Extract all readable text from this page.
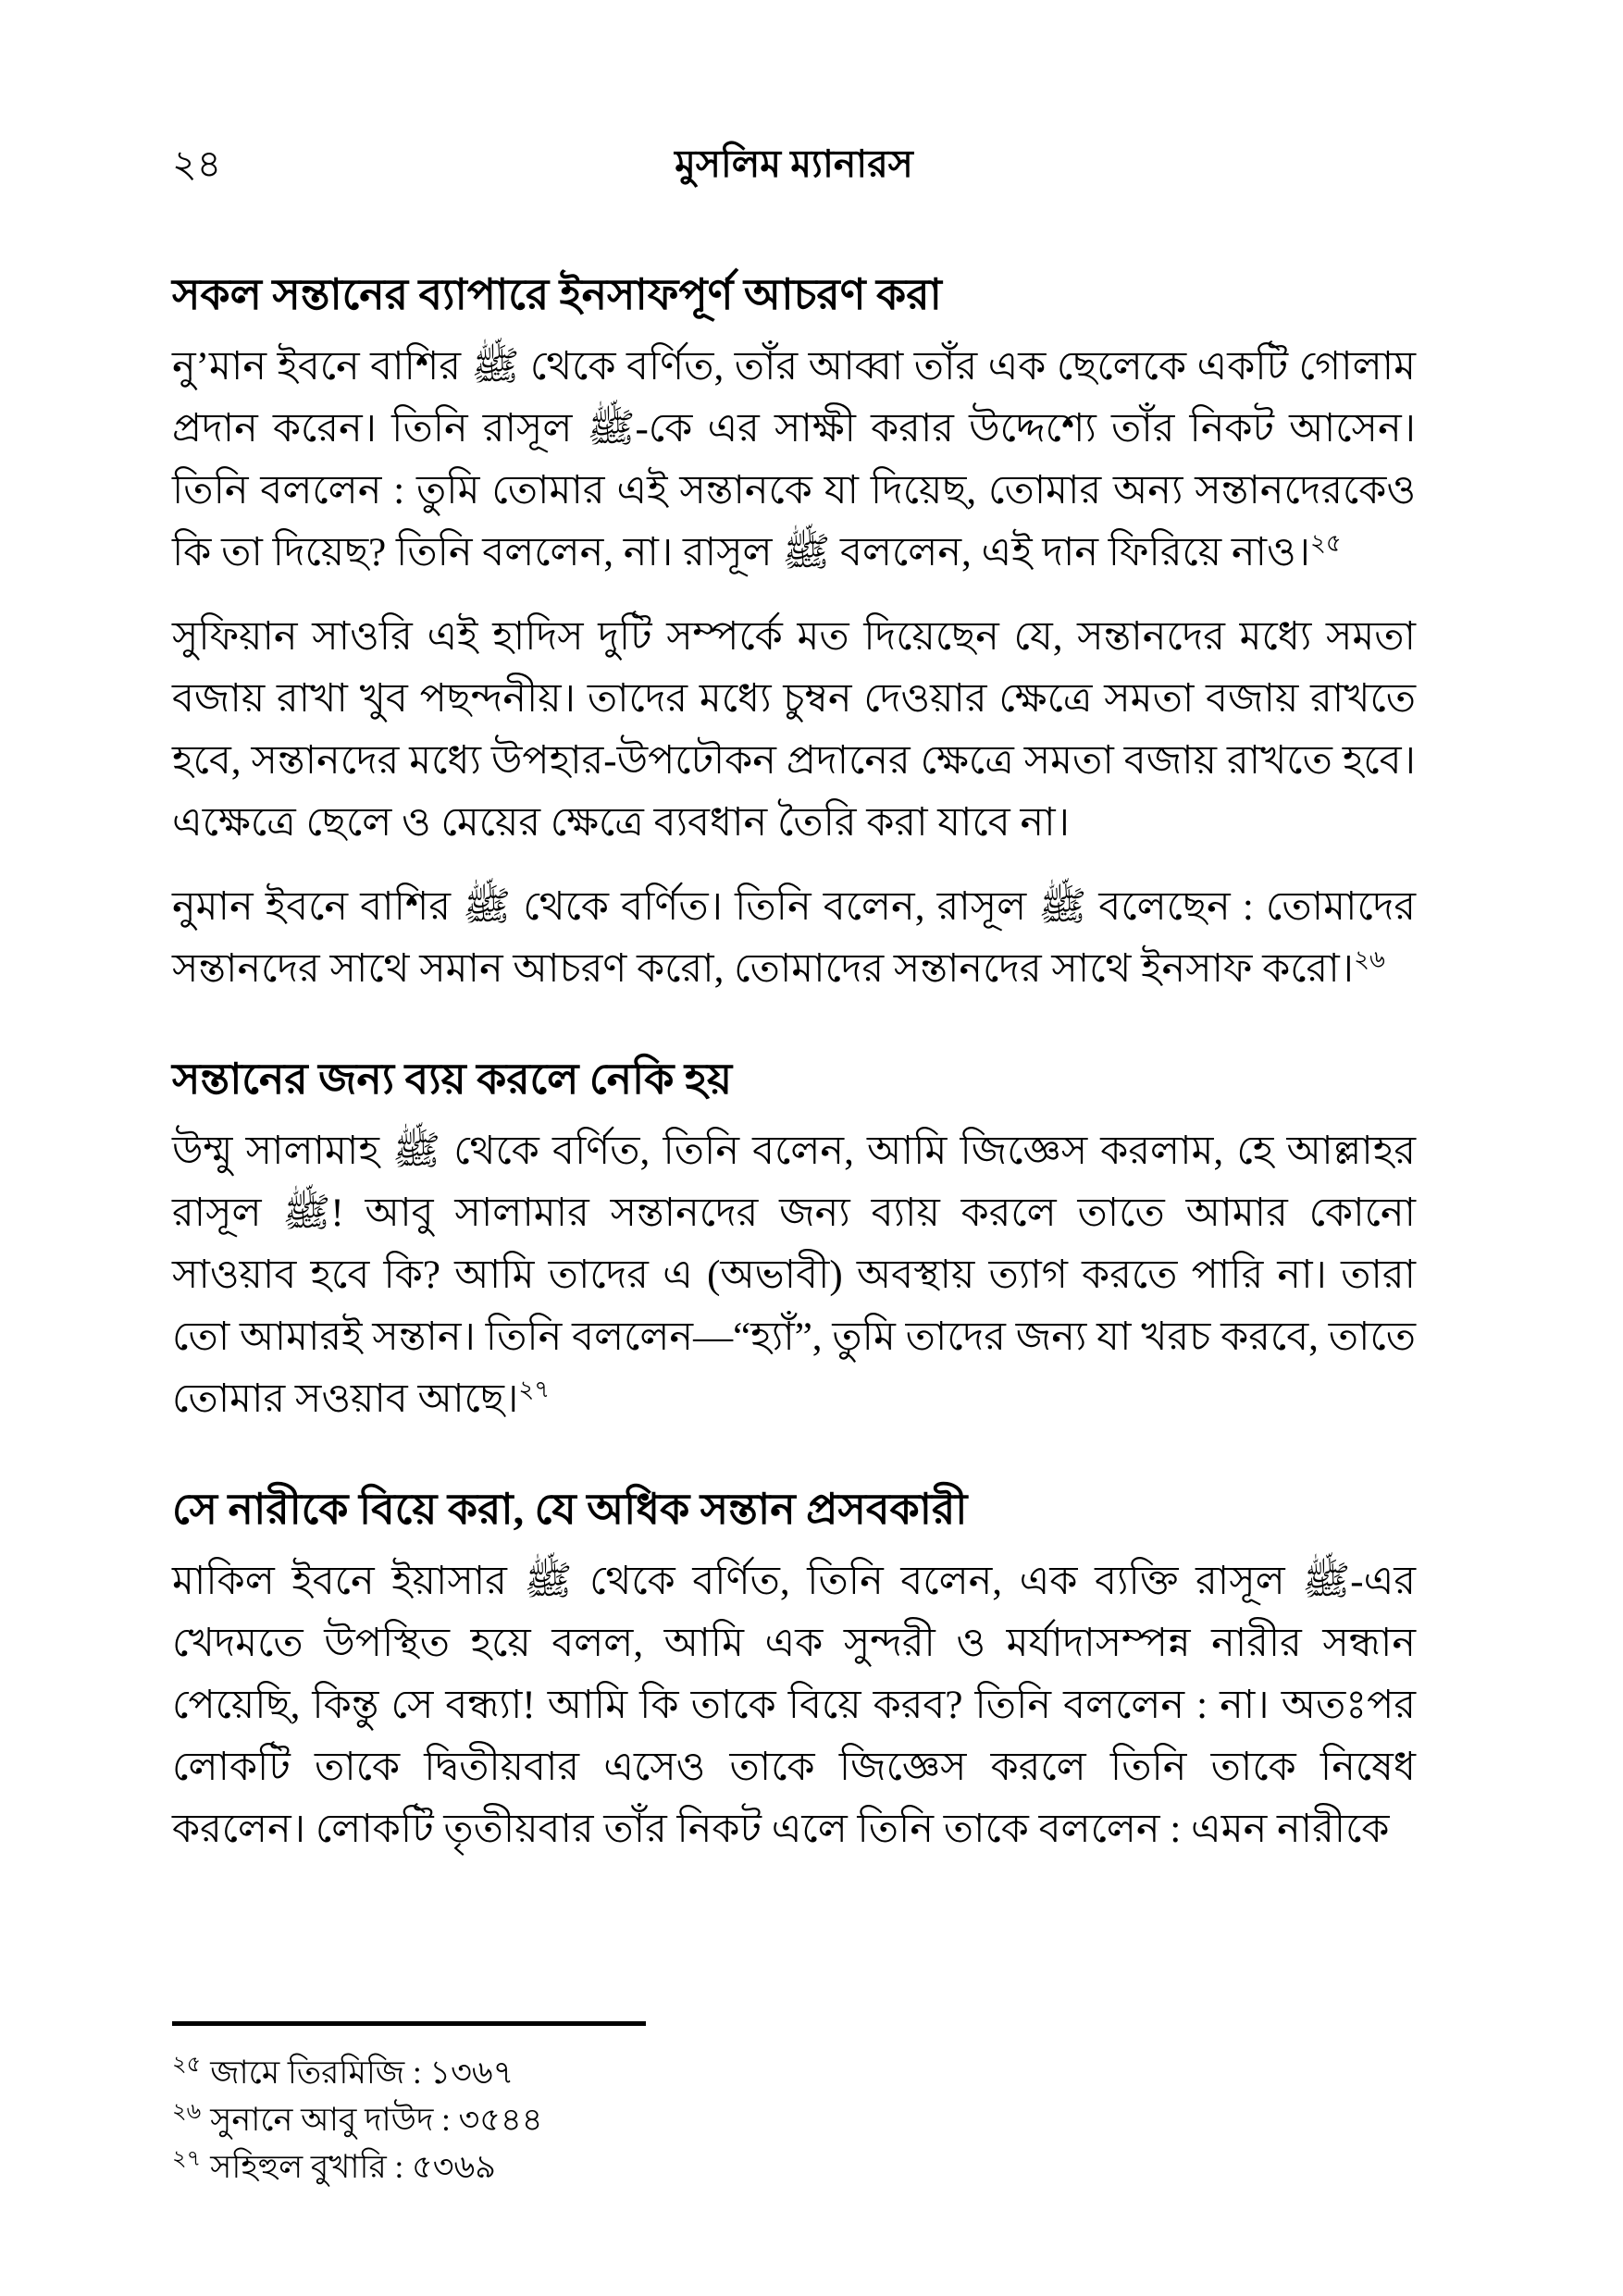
২৪	মুসলিম ম্যানারস
সকল সন্তানের ব্যাপারে ইনসাফপূর্ণ আচরণ করা

নু’মান ইবনে বাশির ﷺ থেকে বর্ণিত, তাঁর আব্বা তাঁর এক ছেলেকে একটি গোলাম প্রদান করেন। তিনি রাসূল ﷺ-কে এর সাক্ষী করার উদ্দেশ্যে তাঁর নিকট আসেন। তিনি বললেন : তুমি তোমার এই সন্তানকে যা দিয়েছ, তোমার অন্য সন্তানদেরকেও কি তা দিয়েছ? তিনি বললেন, না। রাসূল ﷺ বললেন, এই দান ফিরিয়ে নাও।$^{২৫}$

সুফিয়ান সাওরি এই হাদিস দুটি সম্পর্কে মত দিয়েছেন যে, সন্তানদের মধ্যে সমতা বজায় রাখা খুব পছন্দনীয়। তাদের মধ্যে চুম্বন দেওয়ার ক্ষেত্রে সমতা বজায় রাখতে হবে, সন্তানদের মধ্যে উপহার-উপঢৌকন প্রদানের ক্ষেত্রে সমতা বজায় রাখতে হবে। এক্ষেত্রে ছেলে ও মেয়ের ক্ষেত্রে ব্যবধান তৈরি করা যাবে না।

নুমান ইবনে বাশির ﷺ থেকে বর্ণিত। তিনি বলেন, রাসূল ﷺ বলেছেন : তোমাদের সন্তানদের সাথে সমান আচরণ করো, তোমাদের সন্তানদের সাথে ইনসাফ করো।$^{২৬}$

সন্তানের জন্য ব্যয় করলে নেকি হয়

উম্মু সালামাহ ﷺ থেকে বর্ণিত, তিনি বলেন, আমি জিজ্ঞেস করলাম, হে আল্লাহর রাসূল ﷺ! আবু সালামার সন্তানদের জন্য ব্যায় করলে তাতে আমার কোনো সাওয়াব হবে কি? আমি তাদের এ (অভাবী) অবস্থায় ত্যাগ করতে পারি না। তারা তো আমারই সন্তান। তিনি বললেন—“হ্যাঁ”, তুমি তাদের জন্য যা খরচ করবে, তাতে তোমার সওয়াব আছে।$^{২৭}$

সে নারীকে বিয়ে করা, যে অধিক সন্তান প্রসবকারী

মাকিল ইবনে ইয়াসার ﷺ থেকে বর্ণিত, তিনি বলেন, এক ব্যক্তি রাসূল ﷺ-এর খেদমতে উপস্থিত হয়ে বলল, আমি এক সুন্দরী ও মর্যাদাসম্পন্ন নারীর সন্ধান পেয়েছি, কিন্তু সে বন্ধ্যা! আমি কি তাকে বিয়ে করব? তিনি বললেন : না। অতঃপর লোকটি তাকে দ্বিতীয়বার এসেও তাকে জিজ্ঞেস করলে তিনি তাকে নিষেধ করলেন। লোকটি তৃতীয়বার তাঁর নিকট এলে তিনি তাকে বললেন : এমন নারীকে

$^{২৫}$ জামে তিরমিজি : ১৩৬৭
$^{২৬}$ সুনানে আবু দাউদ : ৩৫৪৪
$^{২৭}$ সহিহুল বুখারি : ৫৩৬৯
